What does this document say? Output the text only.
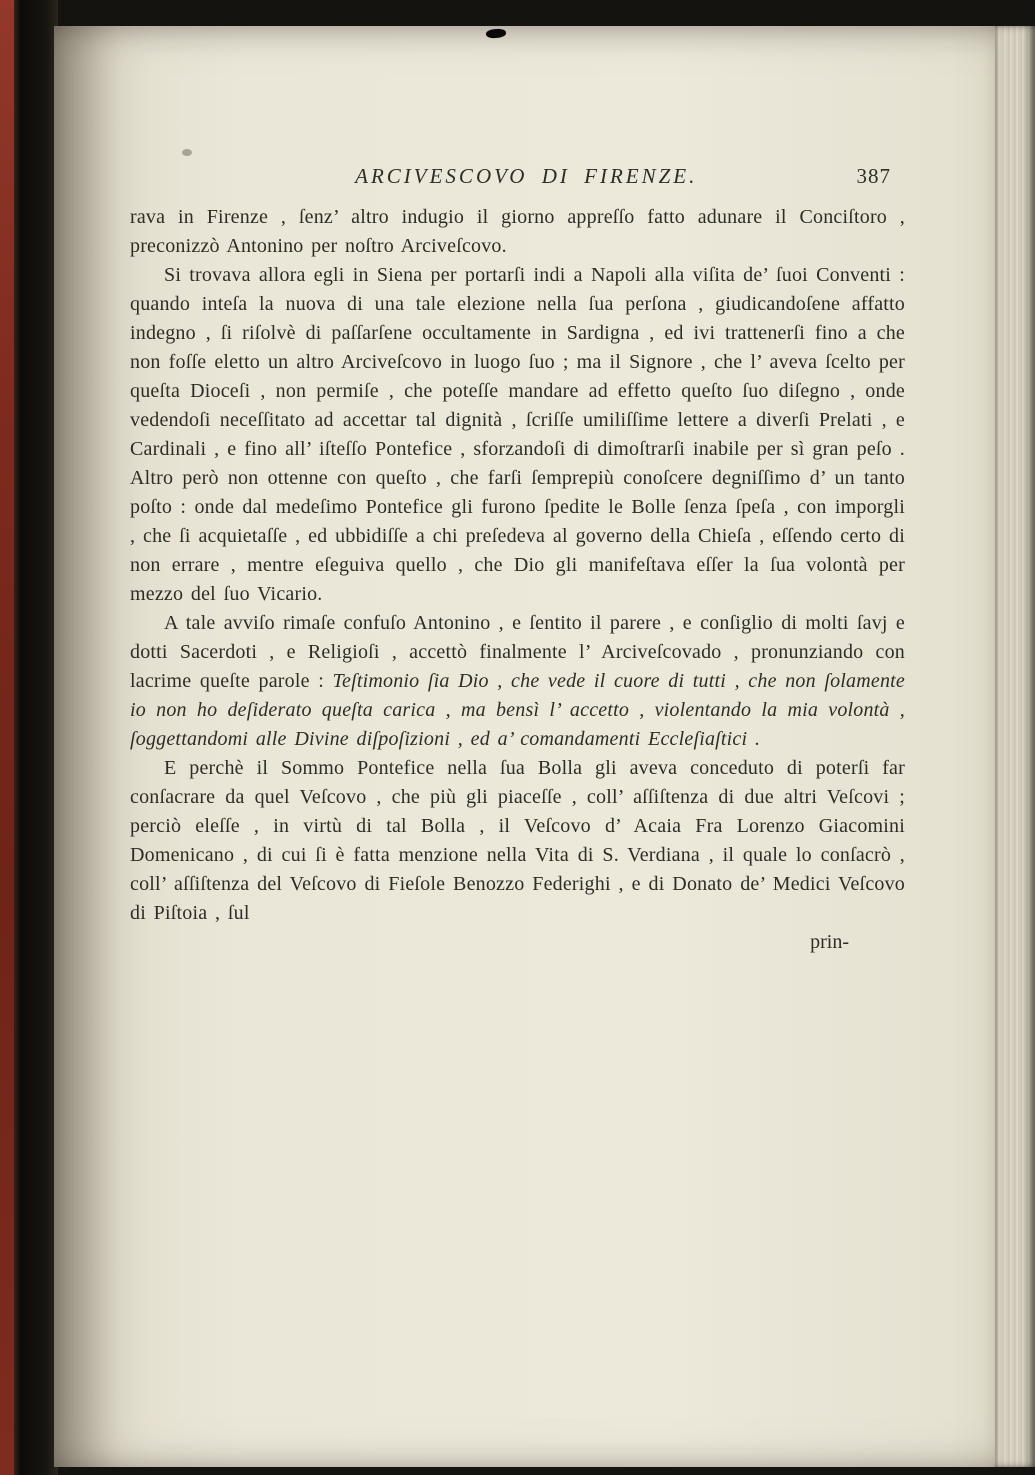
ARCIVESCOVO DI FIRENZE.	387

rava in Firenze , ſenz’ altro indugio il giorno appreſſo fatto adunare il Conciſtoro , preconizzò Antonino per noſtro Arciveſcovo.

Si trovava allora egli in Siena per portarſi indi a Napoli alla viſita de’ ſuoi Conventi : quando inteſa la nuova di una tale elezione nella ſua perſona , giudicandoſene affatto indegno , ſi riſolvè di paſſarſene occultamente in Sardigna , ed ivi trattenerſi fino a che non foſſe eletto un altro Arciveſcovo in luogo ſuo ; ma il Signore , che l’ aveva ſcelto per queſta Dioceſi , non permiſe , che poteſſe mandare ad effetto queſto ſuo diſegno , onde vedendoſi neceſſitato ad accettar tal dignità , ſcriſſe umiliſſime lettere a diverſi Prelati , e Cardinali , e fino all’ iſteſſo Pontefice , sforzandoſi di dimoſtrarſi inabile per sì gran peſo . Altro però non ottenne con queſto , che farſi ſemprepiù conoſcere degniſſimo d’ un tanto poſto : onde dal medeſimo Pontefice gli furono ſpedite le Bolle ſenza ſpeſa , con imporgli , che ſi acquietaſſe , ed ubbidiſſe a chi preſedeva al governo della Chieſa , eſſendo certo di non errare , mentre eſeguiva quello , che Dio gli manifeſtava eſſer la ſua volontà per mezzo del ſuo Vicario.

A tale avviſo rimaſe confuſo Antonino , e ſentito il parere , e conſiglio di molti ſavj e dotti Sacerdoti , e Religioſi , accettò finalmente l’ Arciveſcovado , pronunziando con lacrime queſte parole : Teſtimonio ſia Dio , che vede il cuore di tutti , che non ſolamente io non ho deſiderato queſta carica , ma bensì l’ accetto , violentando la mia volontà , ſoggettandomi alle Divine diſpoſizioni , ed a’ comandamenti Eccleſiaſtici .

E perchè il Sommo Pontefice nella ſua Bolla gli aveva conceduto di poterſi far conſacrare da quel Veſcovo , che più gli piaceſſe , coll’ aſſiſtenza di due altri Veſcovi ; perciò eleſſe , in virtù di tal Bolla , il Veſcovo d’ Acaia Fra Lorenzo Giacomini Domenicano , di cui ſi è fatta menzione nella Vita di S. Verdiana , il quale lo conſacrò , coll’ aſſiſtenza del Veſcovo di Fieſole Benozzo Federighi , e di Donato de’ Medici Veſcovo di Piſtoia , ſul

prin-
